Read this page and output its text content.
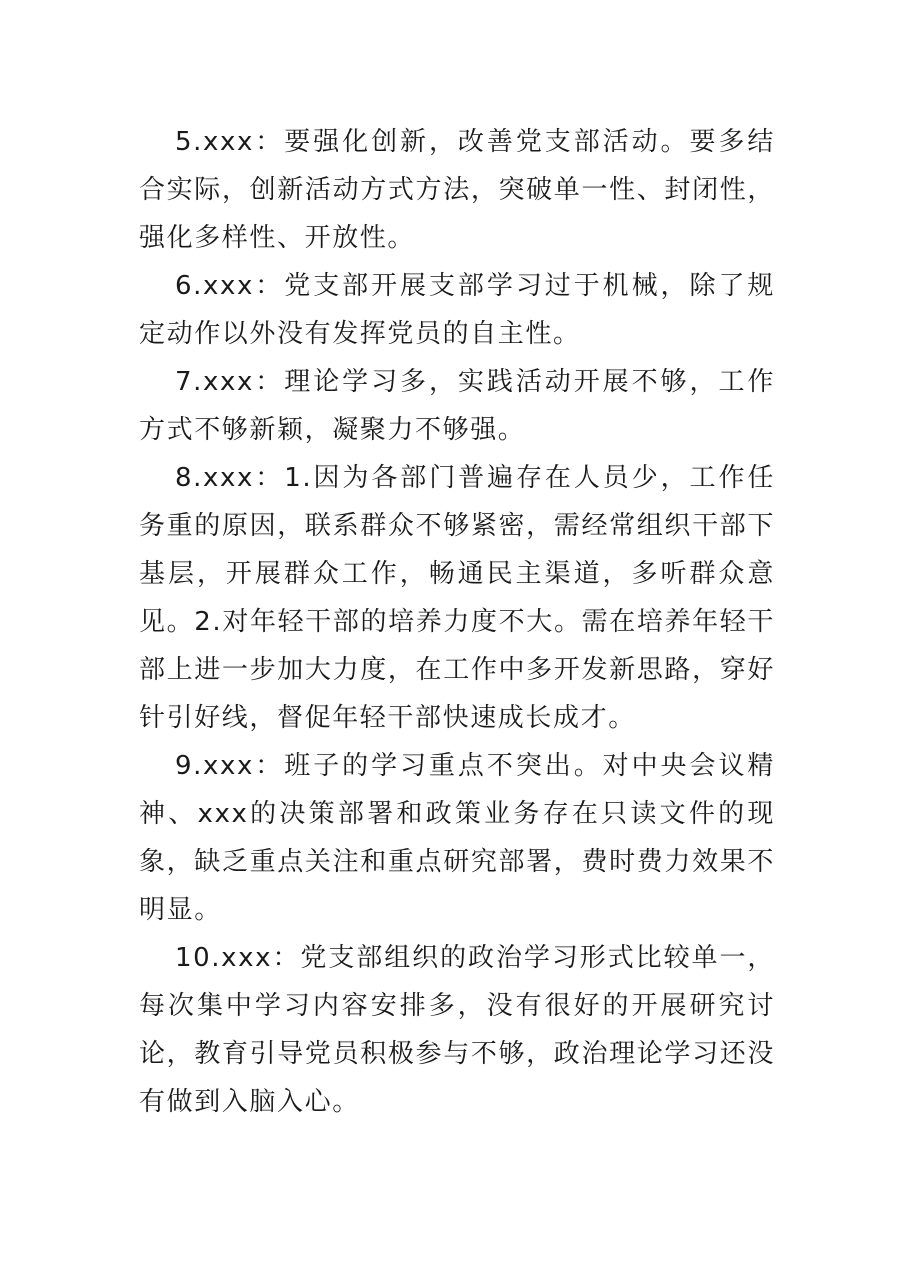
5.xxx：要强化创新，改善党支部活动。要多结合实际，创新活动方式方法，突破单一性、封闭性，强化多样性、开放性。

6.xxx：党支部开展支部学习过于机械，除了规定动作以外没有发挥党员的自主性。

7.xxx：理论学习多，实践活动开展不够，工作方式不够新颖，凝聚力不够强。

8.xxx：1.因为各部门普遍存在人员少，工作任务重的原因，联系群众不够紧密，需经常组织干部下基层，开展群众工作，畅通民主渠道，多听群众意见。2.对年轻干部的培养力度不大。需在培养年轻干部上进一步加大力度，在工作中多开发新思路，穿好针引好线，督促年轻干部快速成长成才。

9.xxx：班子的学习重点不突出。对中央会议精神、xxx的决策部署和政策业务存在只读文件的现象，缺乏重点关注和重点研究部署，费时费力效果不明显。

10.xxx：党支部组织的政治学习形式比较单一，每次集中学习内容安排多，没有很好的开展研究讨论，教育引导党员积极参与不够，政治理论学习还没有做到入脑入心。
